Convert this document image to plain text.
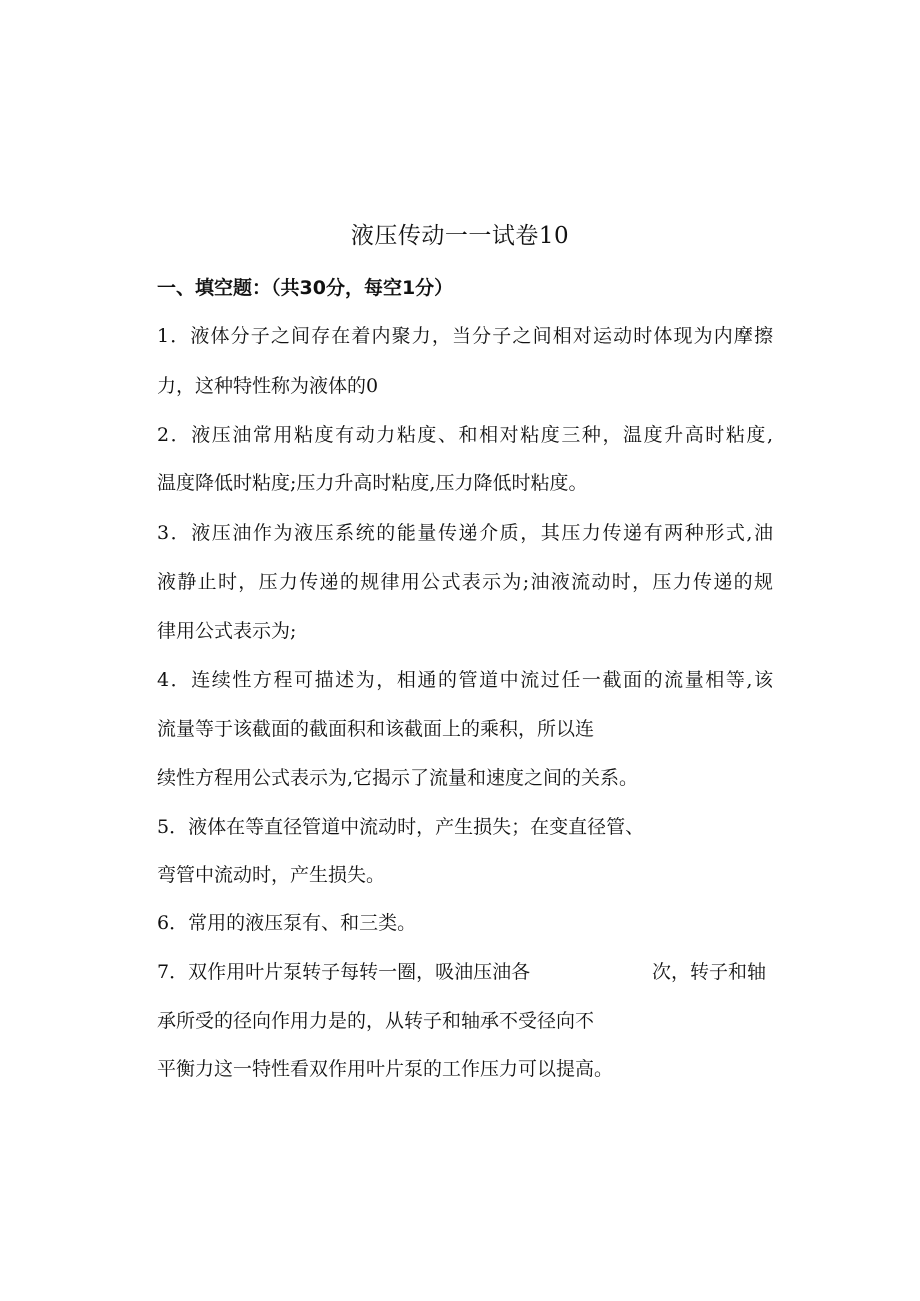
液压传动一一试卷10
一、填空题：（共30分，每空1分）
1．液体分子之间存在着内聚力，当分子之间相对运动时体现为内摩擦
力，这种特性称为液体的0
2．液压油常用粘度有动力粘度、和相对粘度三种，温度升高时粘度,
温度降低时粘度;压力升高时粘度,压力降低时粘度。
3．液压油作为液压系统的能量传递介质，其压力传递有两种形式,油
液静止时，压力传递的规律用公式表示为;油液流动时，压力传递的规
律用公式表示为;
4．连续性方程可描述为，相通的管道中流过任一截面的流量相等,该
流量等于该截面的截面积和该截面上的乘积，所以连
续性方程用公式表示为,它揭示了流量和速度之间的关系。
5．液体在等直径管道中流动时，产生损失；在变直径管、
弯管中流动时，产生损失。
6．常用的液压泵有、和三类。
7．双作用叶片泵转子每转一圈，吸油压油各	次，转子和轴
承所受的径向作用力是的，从转子和轴承不受径向不
平衡力这一特性看双作用叶片泵的工作压力可以提高。
